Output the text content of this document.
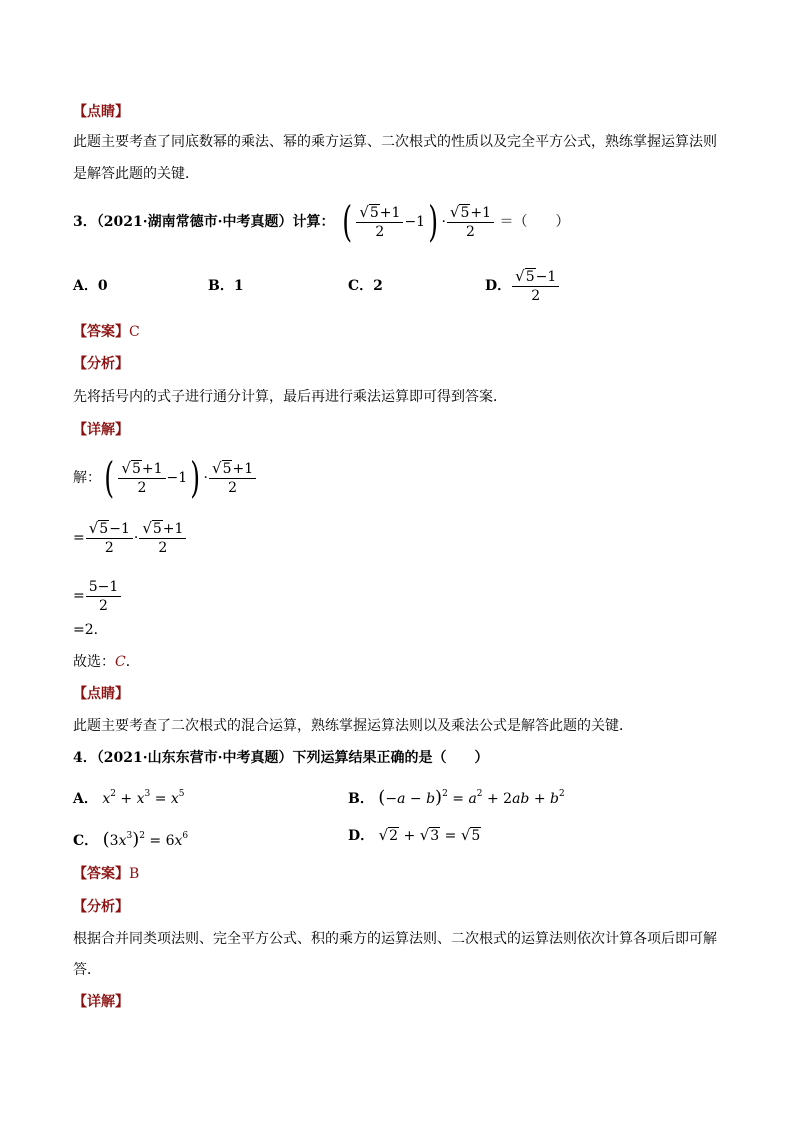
【点睛】
此题主要考查了同底数幂的乘法、幂的乘方运算、二次根式的性质以及完全平方公式，熟练掌握运算法则
是解答此题的关键．
3．（2021·湖南常德市·中考真题）计算： ( $\frac{√ 5 +1}{2} -1) \cdot \frac{√ 5 +1}{2}$ ＝（　　）
A．0	B．1	C．2	D． $\frac{√ 5 -1}{2}$
【答案】C
【分析】
先将括号内的式子进行通分计算，最后再进行乘法运算即可得到答案．
【详解】
解：( $\frac{√ 5 +1}{2} -1) \cdot \frac{√ 5 +1}{2}$
= $\frac{√ 5 -1}{2} \cdot \frac{√ 5 +1}{2}$
= $\frac{5-1}{2}$
=2．
故选：C．
【点睛】
此题主要考查了二次根式的混合运算，熟练掌握运算法则以及乘法公式是解答此题的关键．
4．（2021·山东东营市·中考真题）下列运算结果正确的是（　　）
A． $x^2 + x^3 = x^5$	B． $(-a - b)^2 = a^2 + 2ab + b^2$
C． $(3x^3)^2 = 6x^6$	D． √ 2 + √ 3 = √ 5
【答案】B
【分析】
根据合并同类项法则、完全平方公式、积的乘方的运算法则、二次根式的运算法则依次计算各项后即可解
答．
【详解】
